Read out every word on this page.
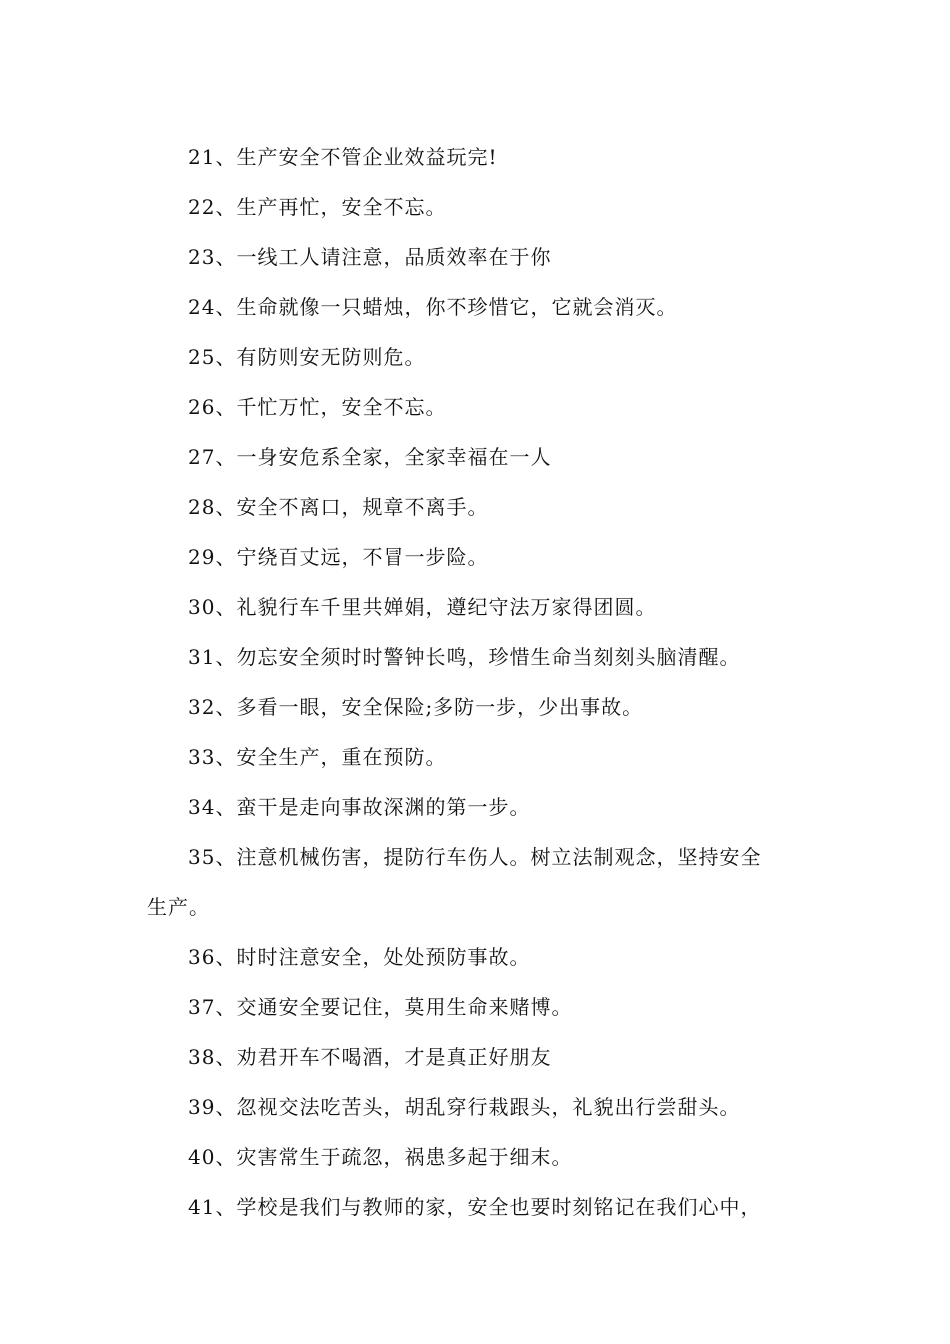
21、生产安全不管企业效益玩完!
22、生产再忙，安全不忘。
23、一线工人请注意，品质效率在于你
24、生命就像一只蜡烛，你不珍惜它，它就会消灭。
25、有防则安无防则危。
26、千忙万忙，安全不忘。
27、一身安危系全家，全家幸福在一人
28、安全不离口，规章不离手。
29、宁绕百丈远，不冒一步险。
30、礼貌行车千里共婵娟，遵纪守法万家得团圆。
31、勿忘安全须时时警钟长鸣，珍惜生命当刻刻头脑清醒。
32、多看一眼，安全保险;多防一步，少出事故。
33、安全生产，重在预防。
34、蛮干是走向事故深渊的第一步。
35、注意机械伤害，提防行车伤人。树立法制观念，坚持安全
生产。
36、时时注意安全，处处预防事故。
37、交通安全要记住，莫用生命来赌博。
38、劝君开车不喝酒，才是真正好朋友
39、忽视交法吃苦头，胡乱穿行栽跟头，礼貌出行尝甜头。
40、灾害常生于疏忽，祸患多起于细末。
41、学校是我们与教师的家，安全也要时刻铭记在我们心中，
